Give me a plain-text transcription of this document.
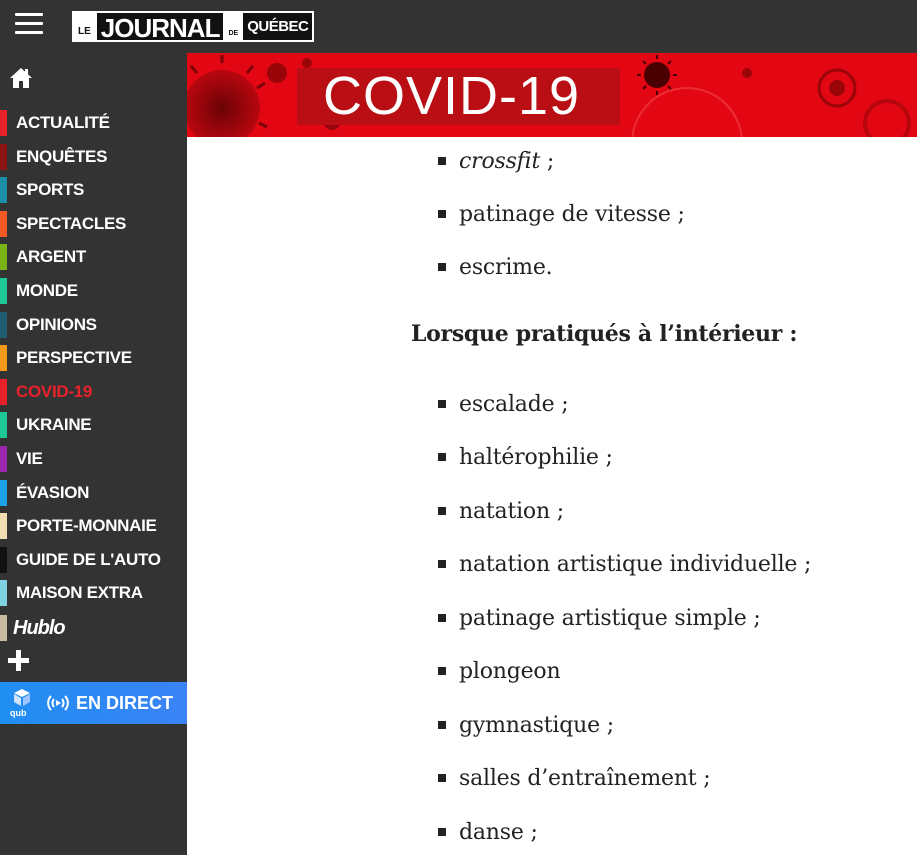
LE JOURNAL	DE QUÉBEC
ACTUALITÉ
ENQUÊTES
SPORTS
SPECTACLES
ARGENT
MONDE
OPINIONS
PERSPECTIVE
COVID-19
UKRAINE
VIE
ÉVASION
PORTE-MONNAIE
GUIDE DE L'AUTO
MAISON EXTRA
Hublo
qub
EN DIRECT
COVID-19
crossfit ;
patinage de vitesse ;
escrime.
Lorsque pratiqués à l’intérieur :
escalade ;
haltérophilie ;
natation ;
natation artistique individuelle ;
patinage artistique simple ;
plongeon
gymnastique ;
salles d’entraînement ;
danse ;
